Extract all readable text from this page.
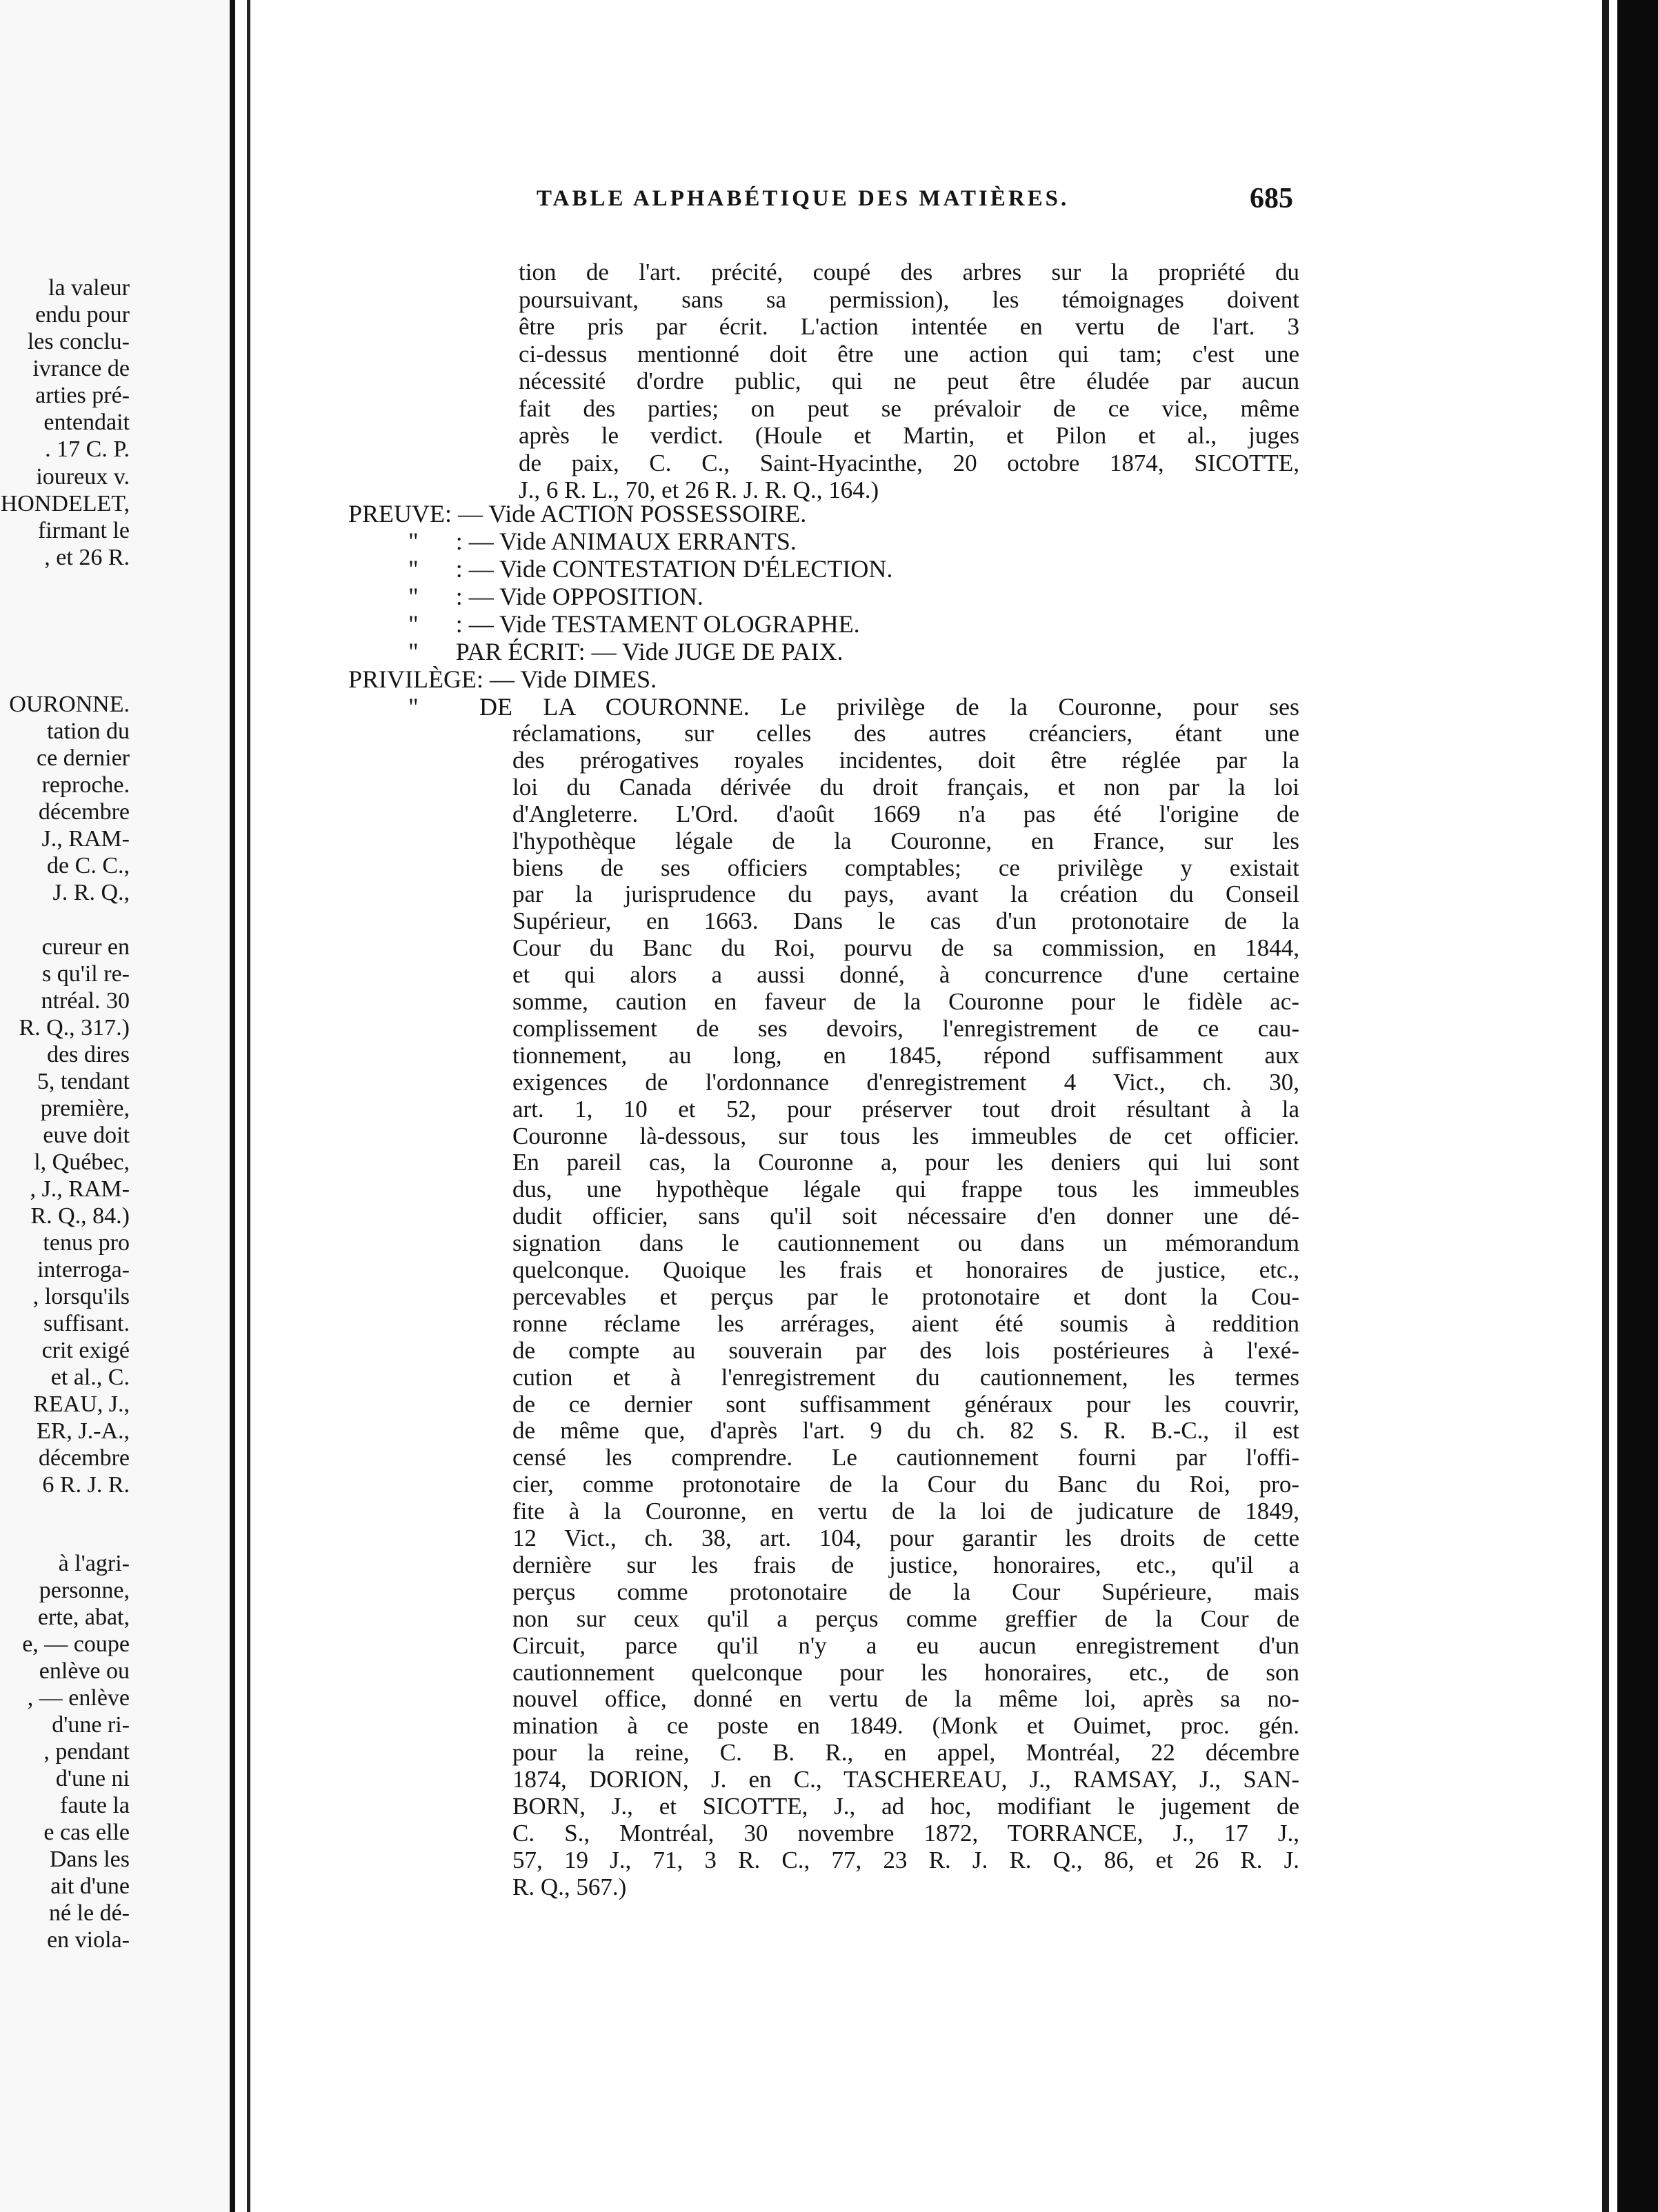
la valeur
endu pour
les conclu-
ivrance de
arties pré-
entendait
. 17 C. P.
ioureux v.
HONDELET,
firmant le
, et 26 R.
OURONNE.
tation du
ce dernier
reproche.
décembre
J., RAM-
de C. C.,
J. R. Q.,
cureur en
s qu'il re-
ntréal. 30
R. Q., 317.)
des dires
5, tendant
première,
euve doit
l, Québec,
, J., RAM-
R. Q., 84.)
tenus pro
interroga-
, lorsqu'ils
suffisant.
crit exigé
et al., C.
REAU, J.,
ER, J.-A.,
décembre
6 R. J. R.
à l'agri-
personne,
erte, abat,
e, — coupe
enlève ou
, — enlève
d'une ri-
, pendant
d'une ni
faute la
e cas elle
Dans les
ait d'une
né le dé-
en viola-
TABLE ALPHABÉTIQUE DES MATIÈRES.	685
tion de l'art. précité, coupé des arbres sur la propriété du
poursuivant, sans sa permission), les témoignages doivent
être pris par écrit. L'action intentée en vertu de l'art. 3
ci-dessus mentionné doit être une action qui tam; c'est une
nécessité d'ordre public, qui ne peut être éludée par aucun
fait des parties; on peut se prévaloir de ce vice, même
après le verdict. (Houle et Martin, et Pilon et al., juges
de paix, C. C., Saint-Hyacinthe, 20 octobre 1874, SICOTTE,
J., 6 R. L., 70, et 26 R. J. R. Q., 164.)
PREUVE: — Vide ACTION POSSESSOIRE.
"      : — Vide ANIMAUX ERRANTS.
"      : — Vide CONTESTATION D'ÉLECTION.
"      : — Vide OPPOSITION.
"      : — Vide TESTAMENT OLOGRAPHE.
"      PAR ÉCRIT: — Vide JUGE DE PAIX.
PRIVILÈGE: — Vide DIMES.
" DE LA COURONNE. Le privilège de la Couronne, pour ses
réclamations, sur celles des autres créanciers, étant une
des prérogatives royales incidentes, doit être réglée par la
loi du Canada dérivée du droit français, et non par la loi
d'Angleterre. L'Ord. d'août 1669 n'a pas été l'origine de
l'hypothèque légale de la Couronne, en France, sur les
biens de ses officiers comptables; ce privilège y existait
par la jurisprudence du pays, avant la création du Conseil
Supérieur, en 1663. Dans le cas d'un protonotaire de la
Cour du Banc du Roi, pourvu de sa commission, en 1844,
et qui alors a aussi donné, à concurrence d'une certaine
somme, caution en faveur de la Couronne pour le fidèle ac-
complissement de ses devoirs, l'enregistrement de ce cau-
tionnement, au long, en 1845, répond suffisamment aux
exigences de l'ordonnance d'enregistrement 4 Vict., ch. 30,
art. 1, 10 et 52, pour préserver tout droit résultant à la
Couronne là-dessous, sur tous les immeubles de cet officier.
En pareil cas, la Couronne a, pour les deniers qui lui sont
dus, une hypothèque légale qui frappe tous les immeubles
dudit officier, sans qu'il soit nécessaire d'en donner une dé-
signation dans le cautionnement ou dans un mémorandum
quelconque. Quoique les frais et honoraires de justice, etc.,
percevables et perçus par le protonotaire et dont la Cou-
ronne réclame les arrérages, aient été soumis à reddition
de compte au souverain par des lois postérieures à l'exé-
cution et à l'enregistrement du cautionnement, les termes
de ce dernier sont suffisamment généraux pour les couvrir,
de même que, d'après l'art. 9 du ch. 82 S. R. B.-C., il est
censé les comprendre. Le cautionnement fourni par l'offi-
cier, comme protonotaire de la Cour du Banc du Roi, pro-
fite à la Couronne, en vertu de la loi de judicature de 1849,
12 Vict., ch. 38, art. 104, pour garantir les droits de cette
dernière sur les frais de justice, honoraires, etc., qu'il a
perçus comme protonotaire de la Cour Supérieure, mais
non sur ceux qu'il a perçus comme greffier de la Cour de
Circuit, parce qu'il n'y a eu aucun enregistrement d'un
cautionnement quelconque pour les honoraires, etc., de son
nouvel office, donné en vertu de la même loi, après sa no-
mination à ce poste en 1849. (Monk et Ouimet, proc. gén.
pour la reine, C. B. R., en appel, Montréal, 22 décembre
1874, DORION, J. en C., TASCHEREAU, J., RAMSAY, J., SAN-
BORN, J., et SICOTTE, J., ad hoc, modifiant le jugement de
C. S., Montréal, 30 novembre 1872, TORRANCE, J., 17 J.,
57, 19 J., 71, 3 R. C., 77, 23 R. J. R. Q., 86, et 26 R. J.
R. Q., 567.)
